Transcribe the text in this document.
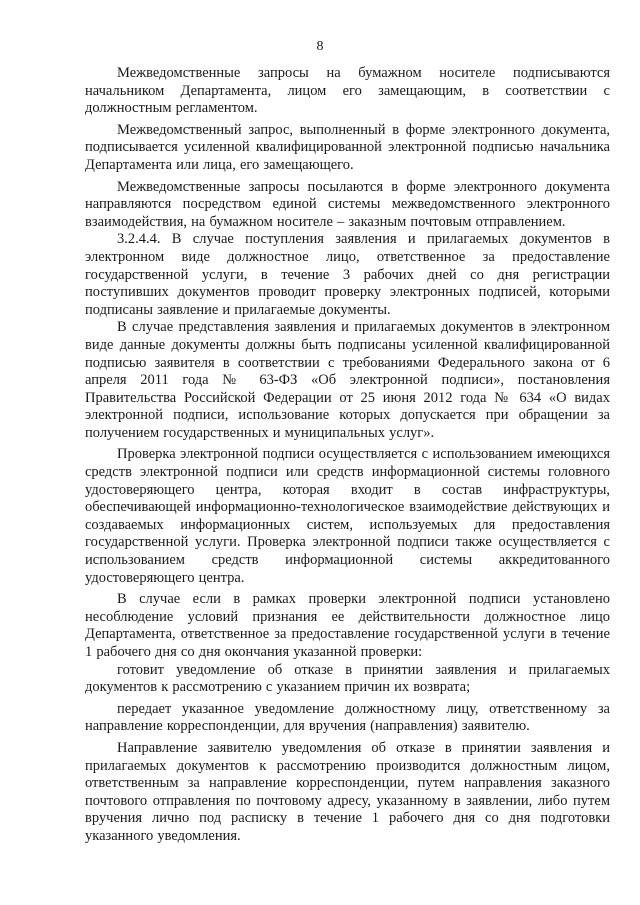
8

Межведомственные запросы на бумажном носителе подписываются начальником Департамента, лицом его замещающим, в соответствии с должностным регламентом.

Межведомственный запрос, выполненный в форме электронного документа, подписывается усиленной квалифицированной электронной подписью начальника Департамента или лица, его замещающего.

Межведомственные запросы посылаются в форме электронного документа направляются посредством единой системы межведомственного электронного взаимодействия, на бумажном носителе – заказным почтовым отправлением.

3.2.4.4. В случае поступления заявления и прилагаемых документов в электронном виде должностное лицо, ответственное за предоставление государственной услуги, в течение 3 рабочих дней со дня регистрации поступивших документов проводит проверку электронных подписей, которыми подписаны заявление и прилагаемые документы.

В случае представления заявления и прилагаемых документов в электронном виде данные документы должны быть подписаны усиленной квалифицированной подписью заявителя в соответствии с требованиями Федерального закона от 6 апреля 2011 года № 63-ФЗ «Об электронной подписи», постановления Правительства Российской Федерации от 25 июня 2012 года № 634 «О видах электронной подписи, использование которых допускается при обращении за получением государственных и муниципальных услуг».

Проверка электронной подписи осуществляется с использованием имеющихся средств электронной подписи или средств информационной системы головного удостоверяющего центра, которая входит в состав инфраструктуры, обеспечивающей информационно-технологическое взаимодействие действующих и создаваемых информационных систем, используемых для предоставления государственной услуги. Проверка электронной подписи также осуществляется с использованием средств информационной системы аккредитованного удостоверяющего центра.

В случае если в рамках проверки электронной подписи установлено несоблюдение условий признания ее действительности должностное лицо Департамента, ответственное за предоставление государственной услуги в течение 1 рабочего дня со дня окончания указанной проверки:

готовит уведомление об отказе в принятии заявления и прилагаемых документов к рассмотрению с указанием причин их возврата;

передает указанное уведомление должностному лицу, ответственному за направление корреспонденции, для вручения (направления) заявителю.

Направление заявителю уведомления об отказе в принятии заявления и прилагаемых документов к рассмотрению производится должностным лицом, ответственным за направление корреспонденции, путем направления заказного почтового отправления по почтовому адресу, указанному в заявлении, либо путем вручения лично под расписку в течение 1 рабочего дня со дня подготовки указанного уведомления.
